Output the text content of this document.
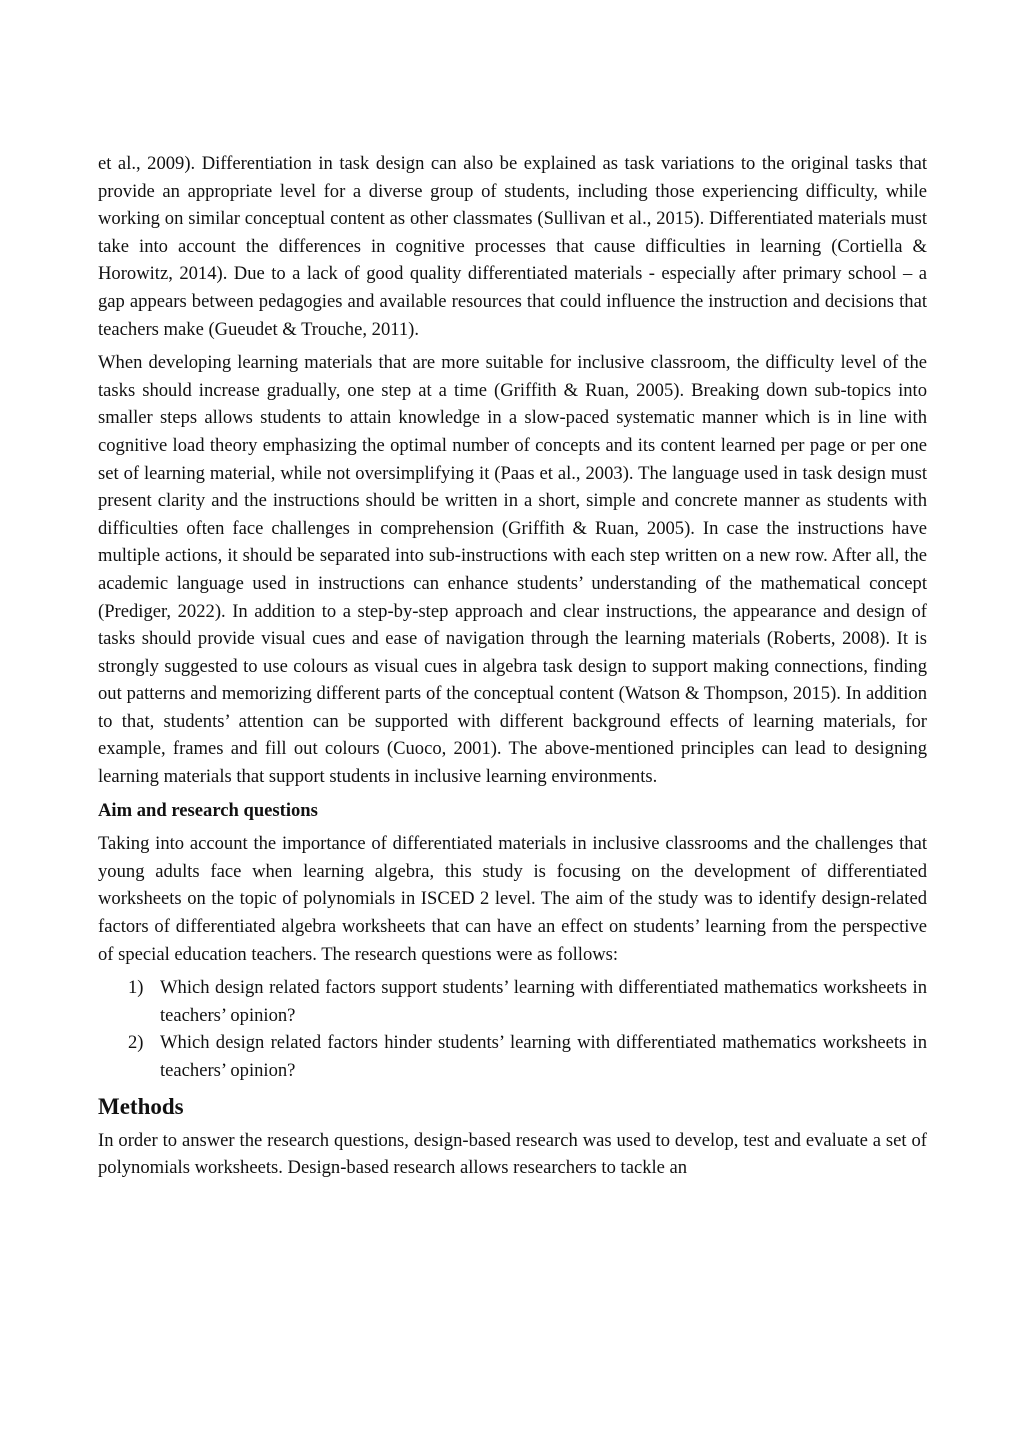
et al., 2009). Differentiation in task design can also be explained as task variations to the original tasks that provide an appropriate level for a diverse group of students, including those experiencing difficulty, while working on similar conceptual content as other classmates (Sullivan et al., 2015). Differentiated materials must take into account the differences in cognitive processes that cause difficulties in learning (Cortiella & Horowitz, 2014). Due to a lack of good quality differentiated materials - especially after primary school – a gap appears between pedagogies and available resources that could influence the instruction and decisions that teachers make (Gueudet & Trouche, 2011).

When developing learning materials that are more suitable for inclusive classroom, the difficulty level of the tasks should increase gradually, one step at a time (Griffith & Ruan, 2005). Breaking down sub-topics into smaller steps allows students to attain knowledge in a slow-paced systematic manner which is in line with cognitive load theory emphasizing the optimal number of concepts and its content learned per page or per one set of learning material, while not oversimplifying it (Paas et al., 2003). The language used in task design must present clarity and the instructions should be written in a short, simple and concrete manner as students with difficulties often face challenges in comprehension (Griffith & Ruan, 2005). In case the instructions have multiple actions, it should be separated into sub-instructions with each step written on a new row. After all, the academic language used in instructions can enhance students’ understanding of the mathematical concept (Prediger, 2022). In addition to a step-by-step approach and clear instructions, the appearance and design of tasks should provide visual cues and ease of navigation through the learning materials (Roberts, 2008). It is strongly suggested to use colours as visual cues in algebra task design to support making connections, finding out patterns and memorizing different parts of the conceptual content (Watson & Thompson, 2015). In addition to that, students’ attention can be supported with different background effects of learning materials, for example, frames and fill out colours (Cuoco, 2001). The above-mentioned principles can lead to designing learning materials that support students in inclusive learning environments.

Aim and research questions

Taking into account the importance of differentiated materials in inclusive classrooms and the challenges that young adults face when learning algebra, this study is focusing on the development of differentiated worksheets on the topic of polynomials in ISCED 2 level. The aim of the study was to identify design-related factors of differentiated algebra worksheets that can have an effect on students’ learning from the perspective of special education teachers. The research questions were as follows:

1) Which design related factors support students’ learning with differentiated mathematics worksheets in teachers’ opinion?
2) Which design related factors hinder students’ learning with differentiated mathematics worksheets in teachers’ opinion?
Methods

In order to answer the research questions, design-based research was used to develop, test and evaluate a set of polynomials worksheets. Design-based research allows researchers to tackle an
